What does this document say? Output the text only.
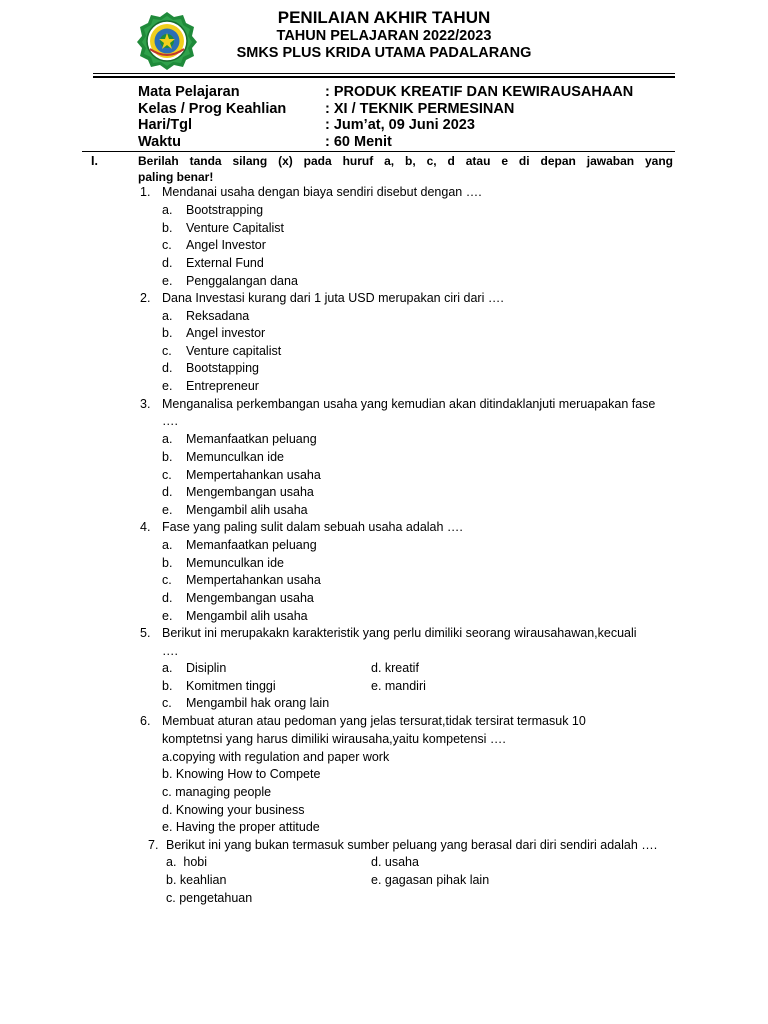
PENILAIAN AKHIR TAHUN
TAHUN PELAJARAN 2022/2023
SMKS PLUS KRIDA UTAMA PADALARANG
Mata Pelajaran	: PRODUK KREATIF DAN KEWIRAUSAHAAN
Kelas / Prog Keahlian	: XI / TEKNIK PERMESINAN
Hari/Tgl	: Jum’at, 09 Juni 2023
Waktu	: 60 Menit
I.	Berilah tanda silang (x) pada huruf a, b, c, d atau e di depan jawaban yang
paling benar!
1. Mendanai usaha dengan biaya sendiri disebut dengan ….
a. Bootstrapping
b. Venture Capitalist
c. Angel Investor
d. External Fund
e. Penggalangan dana
2. Dana Investasi kurang dari 1 juta USD merupakan ciri dari ….
a. Reksadana
b. Angel investor
c. Venture capitalist
d. Bootstapping
e. Entrepreneur
3. Menganalisa perkembangan usaha yang kemudian akan ditindaklanjuti meruapakan fase
….
a. Memanfaatkan peluang
b. Memunculkan ide
c. Mempertahankan usaha
d. Mengembangan usaha
e. Mengambil alih usaha
4. Fase yang paling sulit dalam sebuah usaha adalah ….
a. Memanfaatkan peluang
b. Memunculkan ide
c. Mempertahankan usaha
d. Mengembangan usaha
e. Mengambil alih usaha
5. Berikut ini merupakakn karakteristik yang perlu dimiliki seorang wirausahawan,kecuali
….
a. Disiplin	d. kreatif
b. Komitmen tinggi	e. mandiri
c. Mengambil hak orang lain
6. Membuat aturan atau pedoman yang jelas tersurat,tidak tersirat termasuk 10
komptetnsi yang harus dimiliki wirausaha,yaitu kompetensi ….
a.copying with regulation and paper work
b. Knowing How to Compete
c. managing people
d. Knowing your business
e. Having the proper attitude
7. Berikut ini yang bukan termasuk sumber peluang yang berasal dari diri sendiri adalah ….
a.  hobi	d. usaha
b. keahlian	e. gagasan pihak lain
c. pengetahuan
